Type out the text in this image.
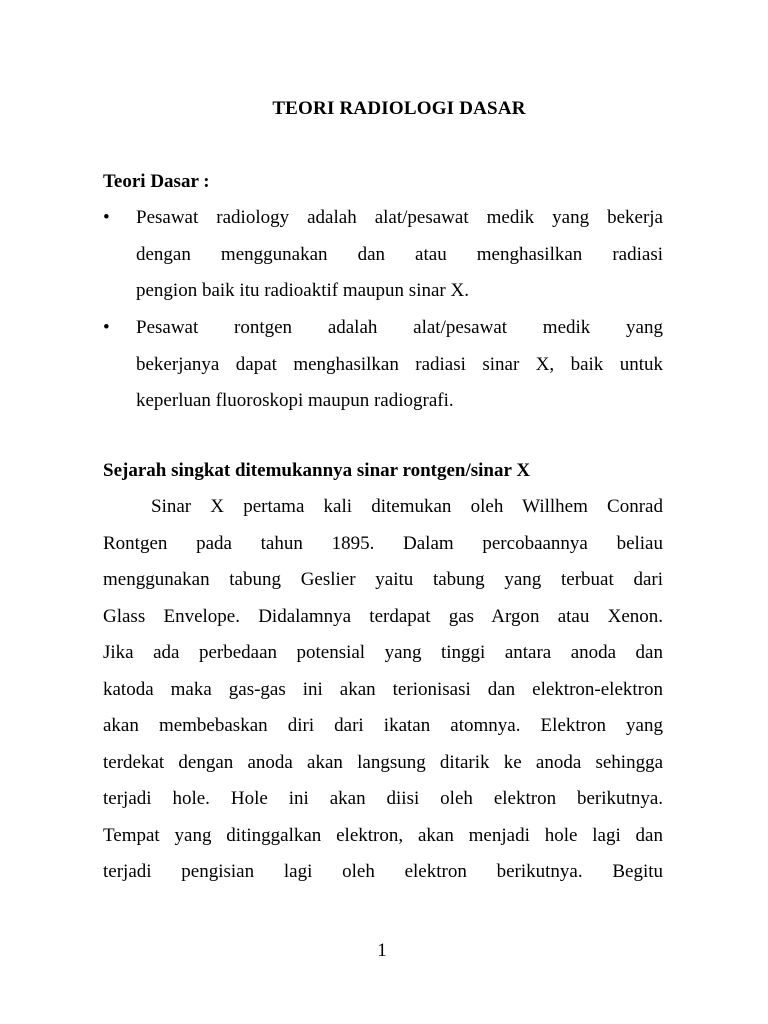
TEORI RADIOLOGI DASAR
Teori Dasar :
• Pesawat radiology adalah alat/pesawat medik yang bekerja
dengan menggunakan dan atau menghasilkan radiasi
pengion baik itu radioaktif maupun sinar X.
• Pesawat rontgen adalah alat/pesawat medik yang
bekerjanya dapat menghasilkan radiasi sinar X, baik untuk
keperluan fluoroskopi maupun radiografi.
Sejarah singkat ditemukannya sinar rontgen/sinar X
Sinar X pertama kali ditemukan oleh Willhem Conrad
Rontgen pada tahun 1895. Dalam percobaannya beliau
menggunakan tabung Geslier yaitu tabung yang terbuat dari
Glass Envelope. Didalamnya terdapat gas Argon atau Xenon.
Jika ada perbedaan potensial yang tinggi antara anoda dan
katoda maka gas-gas ini akan terionisasi dan elektron-elektron
akan membebaskan diri dari ikatan atomnya. Elektron yang
terdekat dengan anoda akan langsung ditarik ke anoda sehingga
terjadi hole. Hole ini akan diisi oleh elektron berikutnya.
Tempat yang ditinggalkan elektron, akan menjadi hole lagi dan
terjadi pengisian lagi oleh elektron berikutnya. Begitu
1
